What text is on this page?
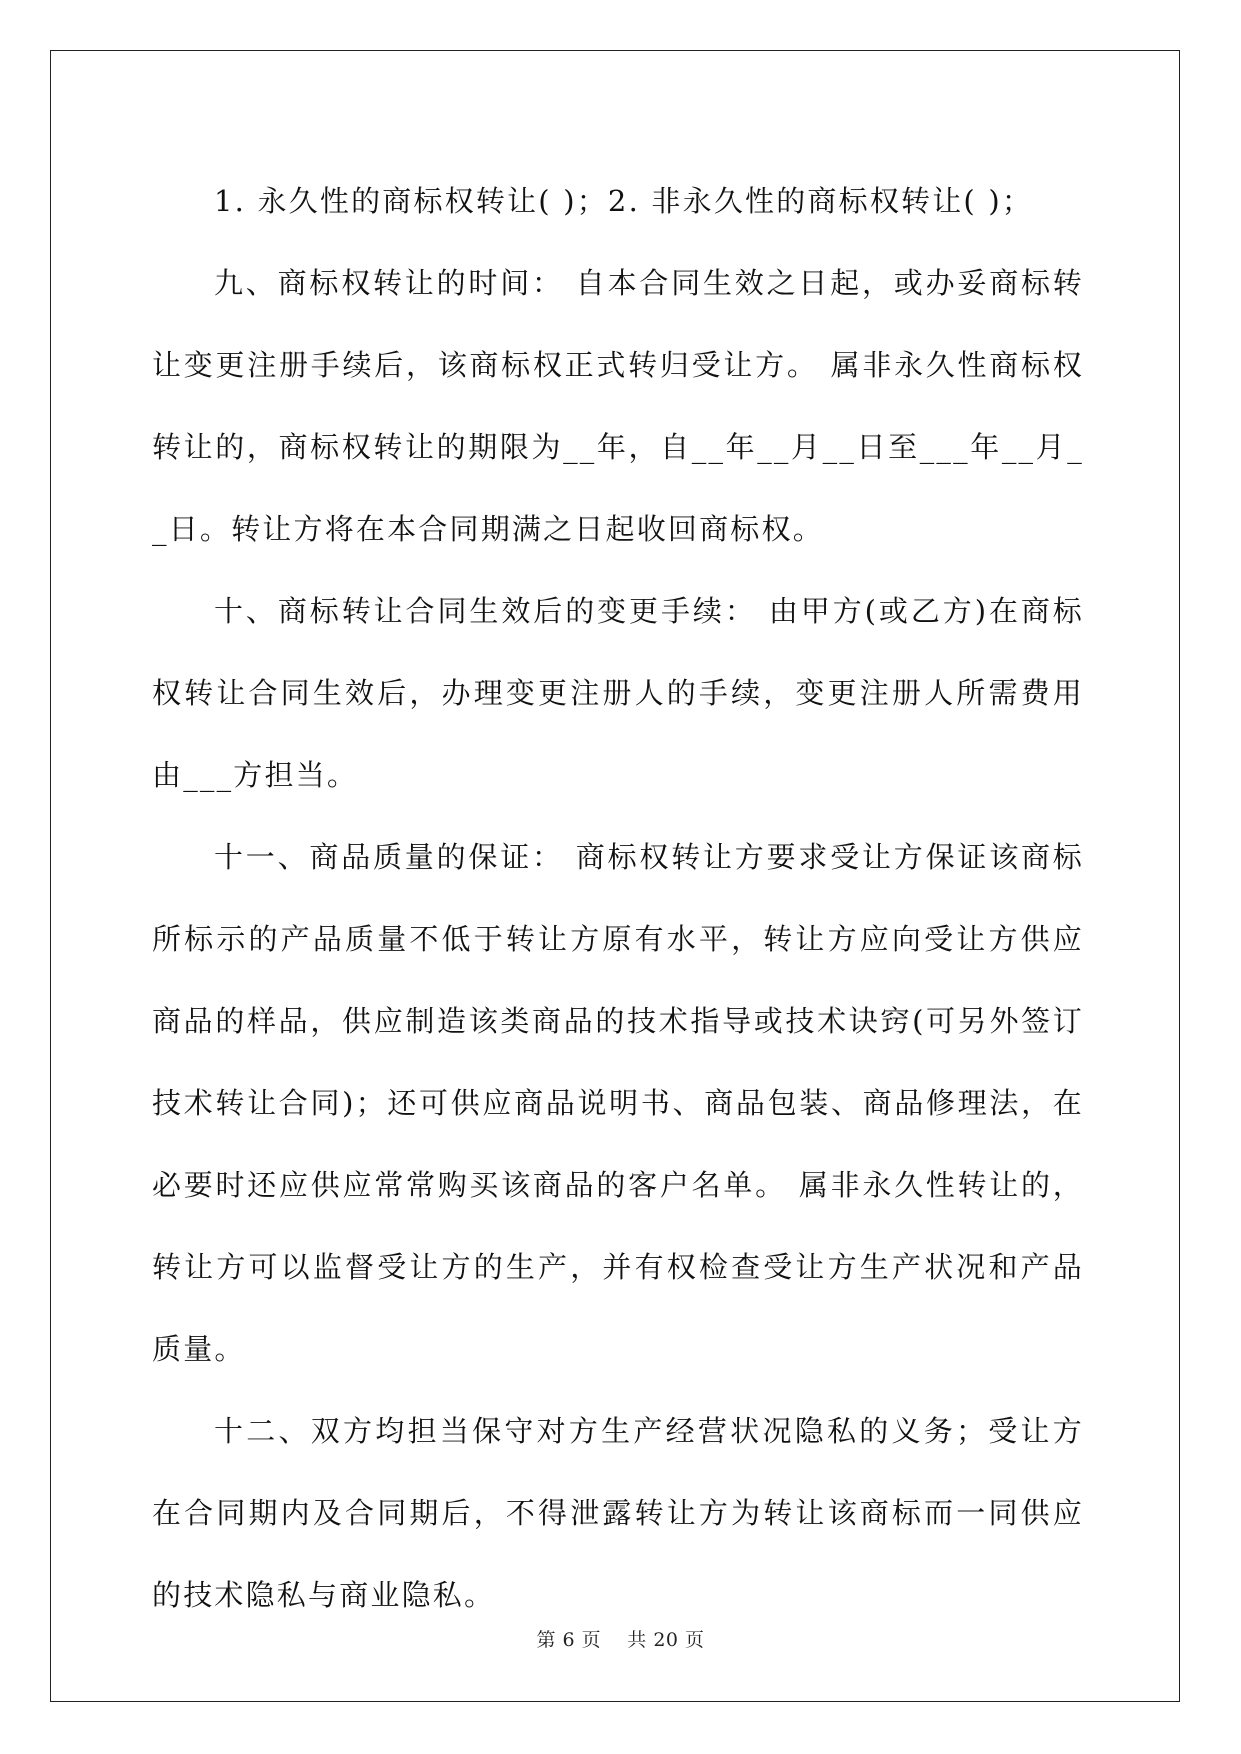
1. 永久性的商标权转让( )；2. 非永久性的商标权转让( )；

九、商标权转让的时间： 自本合同生效之日起，或办妥商标转让变更注册手续后，该商标权正式转归受让方。 属非永久性商标权转让的，商标权转让的期限为__年，自__年__月__日至___年__月__日。转让方将在本合同期满之日起收回商标权。

十、商标转让合同生效后的变更手续： 由甲方(或乙方)在商标权转让合同生效后，办理变更注册人的手续，变更注册人所需费用由___方担当。

十一、商品质量的保证： 商标权转让方要求受让方保证该商标所标示的产品质量不低于转让方原有水平，转让方应向受让方供应商品的样品，供应制造该类商品的技术指导或技术诀窍(可另外签订技术转让合同)；还可供应商品说明书、商品包装、商品修理法，在必要时还应供应常常购买该商品的客户名单。 属非永久性转让的，转让方可以监督受让方的生产，并有权检查受让方生产状况和产品质量。

十二、双方均担当保守对方生产经营状况隐私的义务；受让方在合同期内及合同期后，不得泄露转让方为转让该商标而一同供应的技术隐私与商业隐私。

第 6 页 共 20 页
